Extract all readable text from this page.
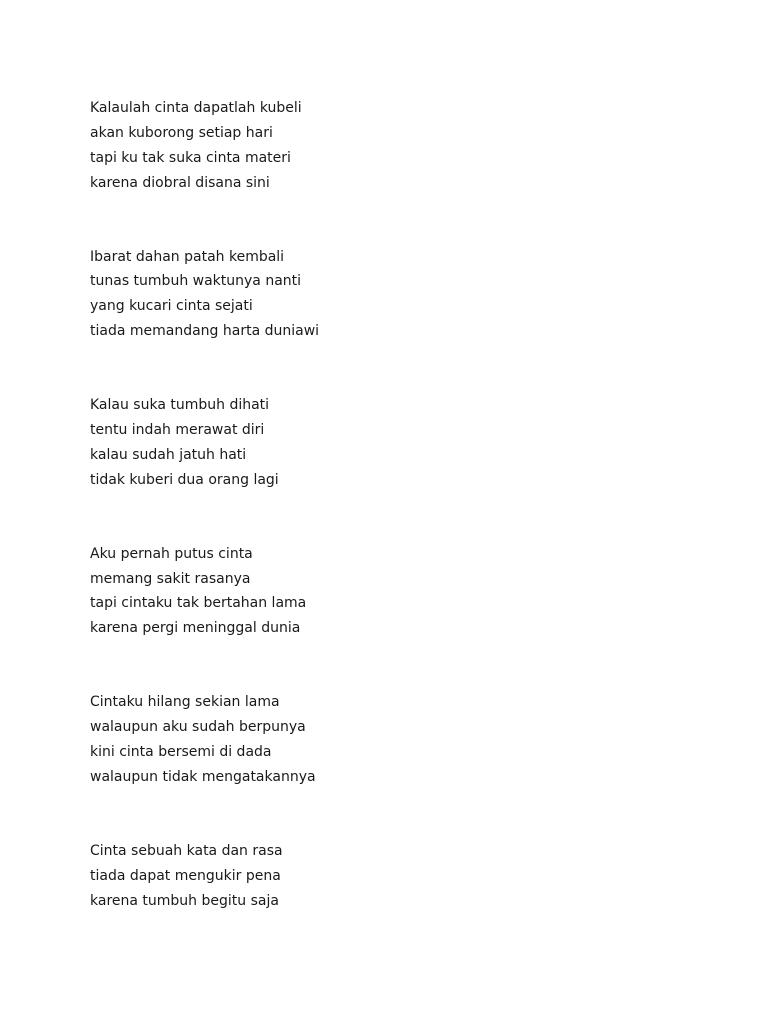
Kalaulah cinta dapatlah kubeli
akan kuborong setiap hari
tapi ku tak suka cinta materi
karena diobral disana sini
Ibarat dahan patah kembali
tunas tumbuh waktunya nanti
yang kucari cinta sejati
tiada memandang harta duniawi
Kalau suka tumbuh dihati
tentu indah merawat diri
kalau sudah jatuh hati
tidak kuberi dua orang lagi
Aku pernah putus cinta
memang sakit rasanya
tapi cintaku tak bertahan lama
karena pergi meninggal dunia
Cintaku hilang sekian lama
walaupun aku sudah berpunya
kini cinta bersemi di dada
walaupun tidak mengatakannya
Cinta sebuah kata dan rasa
tiada dapat mengukir pena
karena tumbuh begitu saja
